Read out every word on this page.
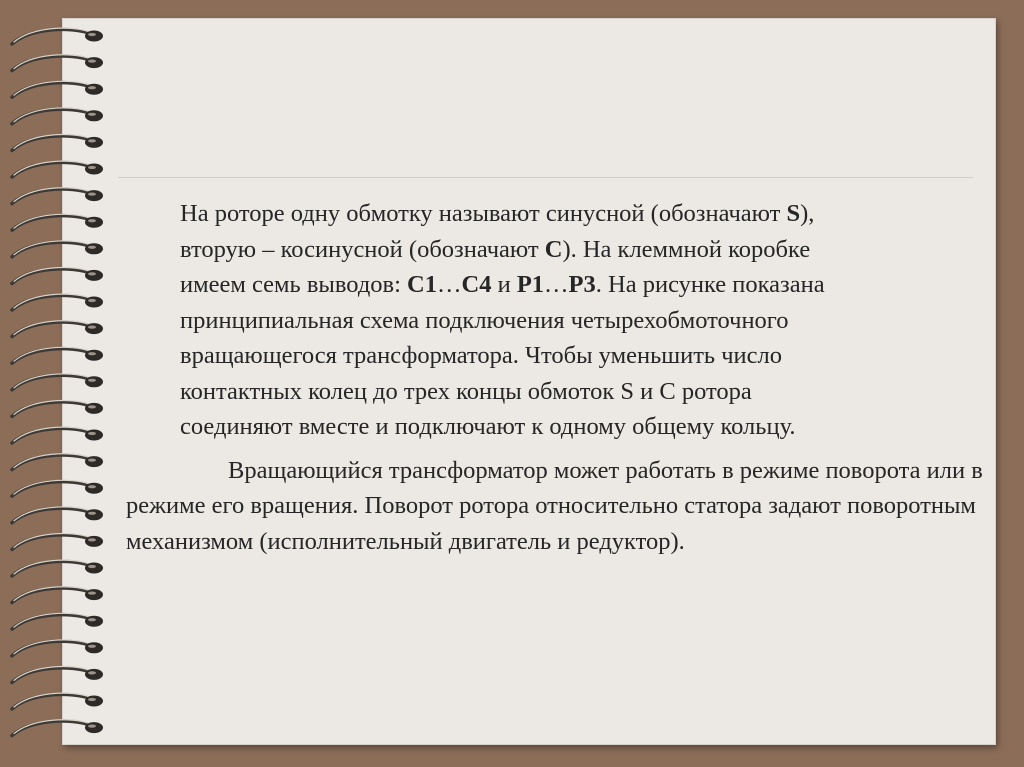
На роторе одну обмотку называют синусной (обозначают S),
вторую – косинусной (обозначают С). На клеммной коробке
имеем семь выводов: С1…С4 и Р1…Р3. На рисунке показана
принципиальная схема подключения четырехобмоточного
вращающегося трансформатора. Чтобы уменьшить число
контактных колец до трех концы обмоток S и С ротора
соединяют вместе и подключают к одному общему кольцу.

Вращающийся трансформатор может работать в режиме поворота или в режиме его вращения. Поворот ротора относительно статора задают поворотным механизмом (исполнительный двигатель и редуктор).
